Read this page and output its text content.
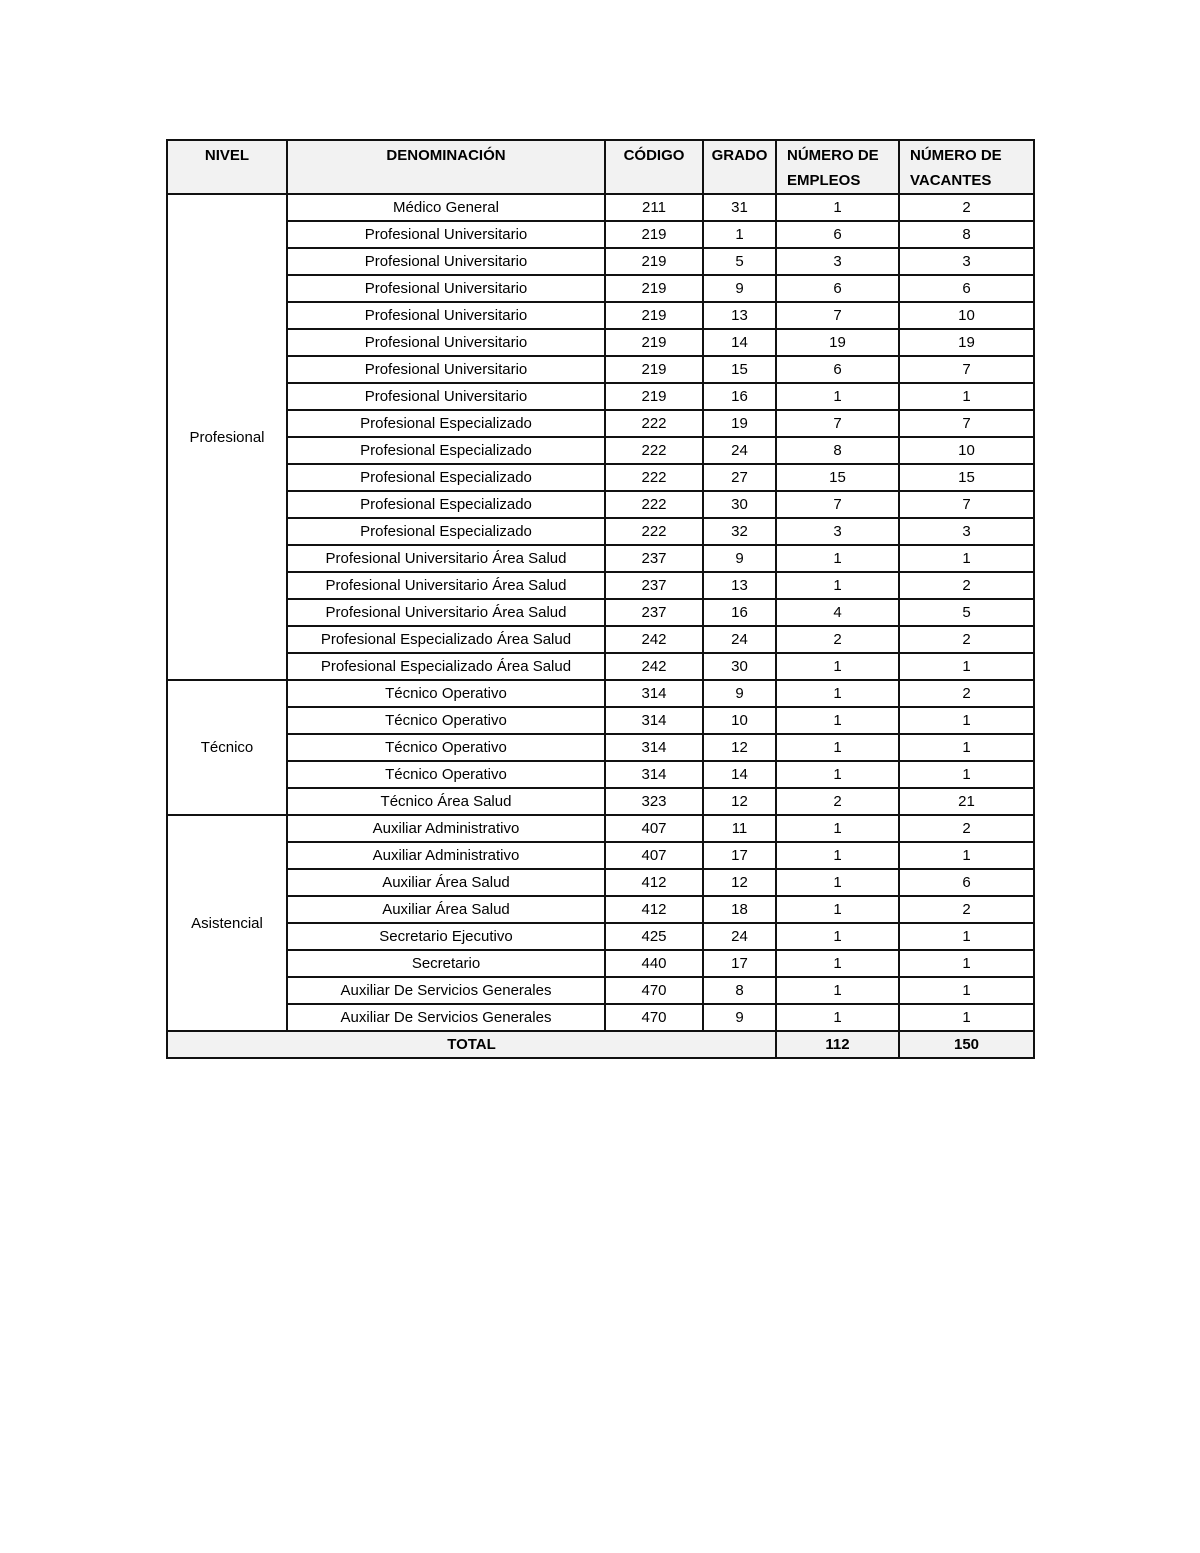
NIVEL	DENOMINACIÓN	CÓDIGO	GRADO	NÚMERO DE EMPLEOS	NÚMERO DE VACANTES
Profesional	Médico General	211	31	1	2
	Profesional Universitario	219	1	6	8
	Profesional Universitario	219	5	3	3
	Profesional Universitario	219	9	6	6
	Profesional Universitario	219	13	7	10
	Profesional Universitario	219	14	19	19
	Profesional Universitario	219	15	6	7
	Profesional Universitario	219	16	1	1
	Profesional Especializado	222	19	7	7
	Profesional Especializado	222	24	8	10
	Profesional Especializado	222	27	15	15
	Profesional Especializado	222	30	7	7
	Profesional Especializado	222	32	3	3
	Profesional Universitario Área Salud	237	9	1	1
	Profesional Universitario Área Salud	237	13	1	2
	Profesional Universitario Área Salud	237	16	4	5
	Profesional Especializado Área Salud	242	24	2	2
	Profesional Especializado Área Salud	242	30	1	1
Técnico	Técnico Operativo	314	9	1	2
	Técnico Operativo	314	10	1	1
	Técnico Operativo	314	12	1	1
	Técnico Operativo	314	14	1	1
	Técnico Área Salud	323	12	2	21
Asistencial	Auxiliar Administrativo	407	11	1	2
	Auxiliar Administrativo	407	17	1	1
	Auxiliar Área Salud	412	12	1	6
	Auxiliar Área Salud	412	18	1	2
	Secretario Ejecutivo	425	24	1	1
	Secretario	440	17	1	1
	Auxiliar De Servicios Generales	470	8	1	1
	Auxiliar De Servicios Generales	470	9	1	1
TOTAL				112	150
